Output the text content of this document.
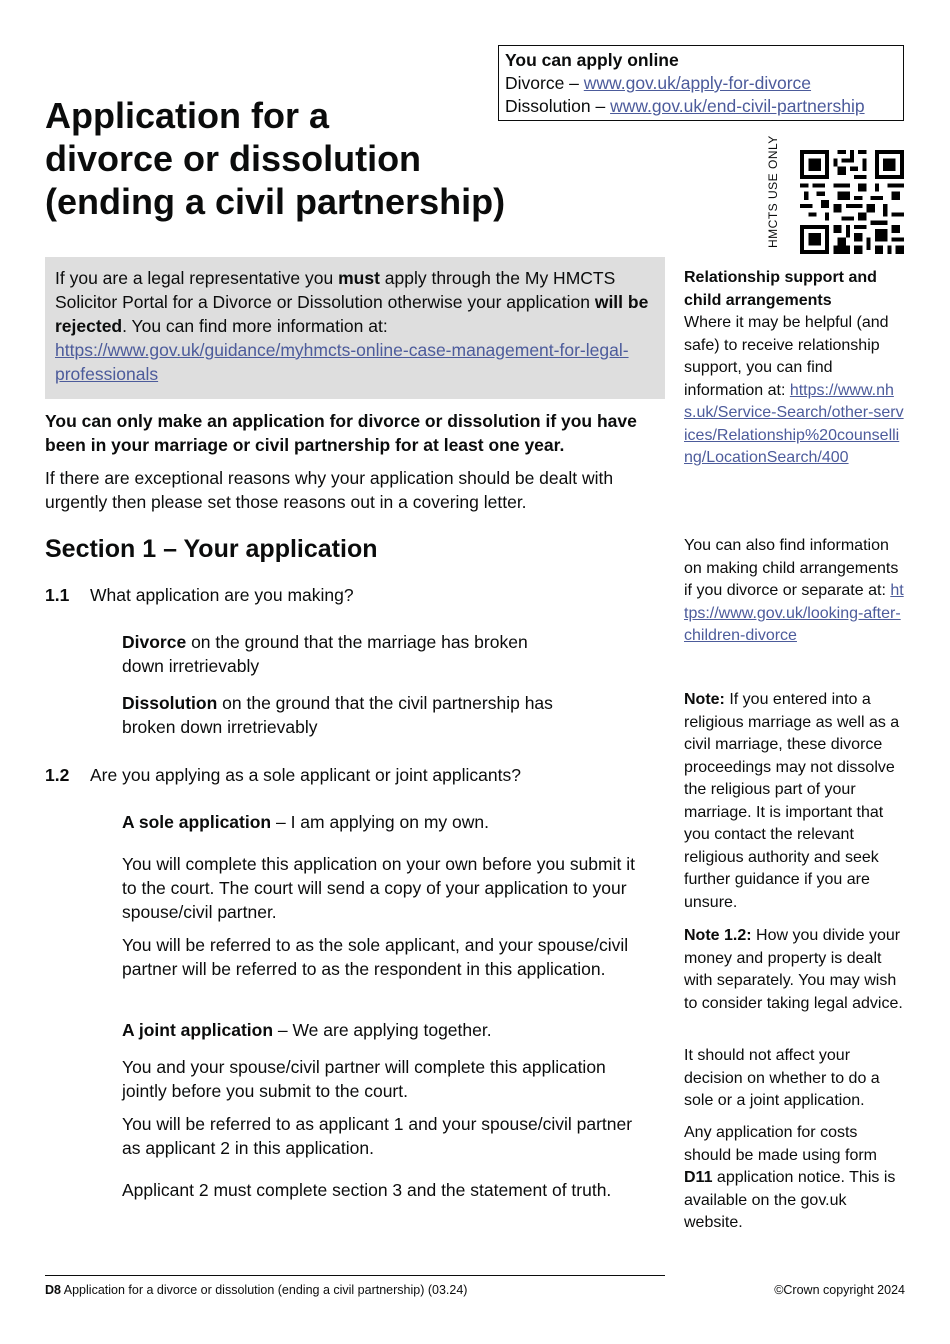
You can apply online
Divorce – www.gov.uk/apply-for-divorce
Dissolution – www.gov.uk/end-civil-partnership
Application for a
divorce or dissolution
(ending a civil partnership)	HMCTS USE ONLY
If you are a legal representative you must apply through the My HMCTS Solicitor Portal for a Divorce or Dissolution otherwise your application will be rejected. You can find more information at: https://www.gov.uk/guidance/myhmcts-online-case-management-for-legal-professionals
You can only make an application for divorce or dissolution if you have been in your marriage or civil partnership for at least one year.
If there are exceptional reasons why your application should be dealt with urgently then please set those reasons out in a covering letter.
Section 1 – Your application
1.1 What application are you making?
Divorce on the ground that the marriage has broken down irretrievably
Dissolution on the ground that the civil partnership has broken down irretrievably
1.2 Are you applying as a sole applicant or joint applicants?
A sole application – I am applying on my own.
You will complete this application on your own before you submit it to the court. The court will send a copy of your application to your spouse/civil partner.
You will be referred to as the sole applicant, and your spouse/civil partner will be referred to as the respondent in this application.
A joint application – We are applying together.
You and your spouse/civil partner will complete this application jointly before you submit to the court.
You will be referred to as applicant 1 and your spouse/civil partner as applicant 2 in this application.
Applicant 2 must complete section 3 and the statement of truth.
Relationship support and child arrangements
Where it may be helpful (and safe) to receive relationship support, you can find information at: https://www.nhs.uk/Service-Search/other-services/Relationship%20counselling/LocationSearch/400
You can also find information on making child arrangements if you divorce or separate at: https://www.gov.uk/looking-after-children-divorce
Note: If you entered into a religious marriage as well as a civil marriage, these divorce proceedings may not dissolve the religious part of your marriage. It is important that you contact the relevant religious authority and seek further guidance if you are unsure.
Note 1.2: How you divide your money and property is dealt with separately. You may wish to consider taking legal advice.
It should not affect your decision on whether to do a sole or a joint application.
Any application for costs should be made using form D11 application notice. This is available on the gov.uk website.
D8 Application for a divorce or dissolution (ending a civil partnership) (03.24)	©Crown copyright 2024
